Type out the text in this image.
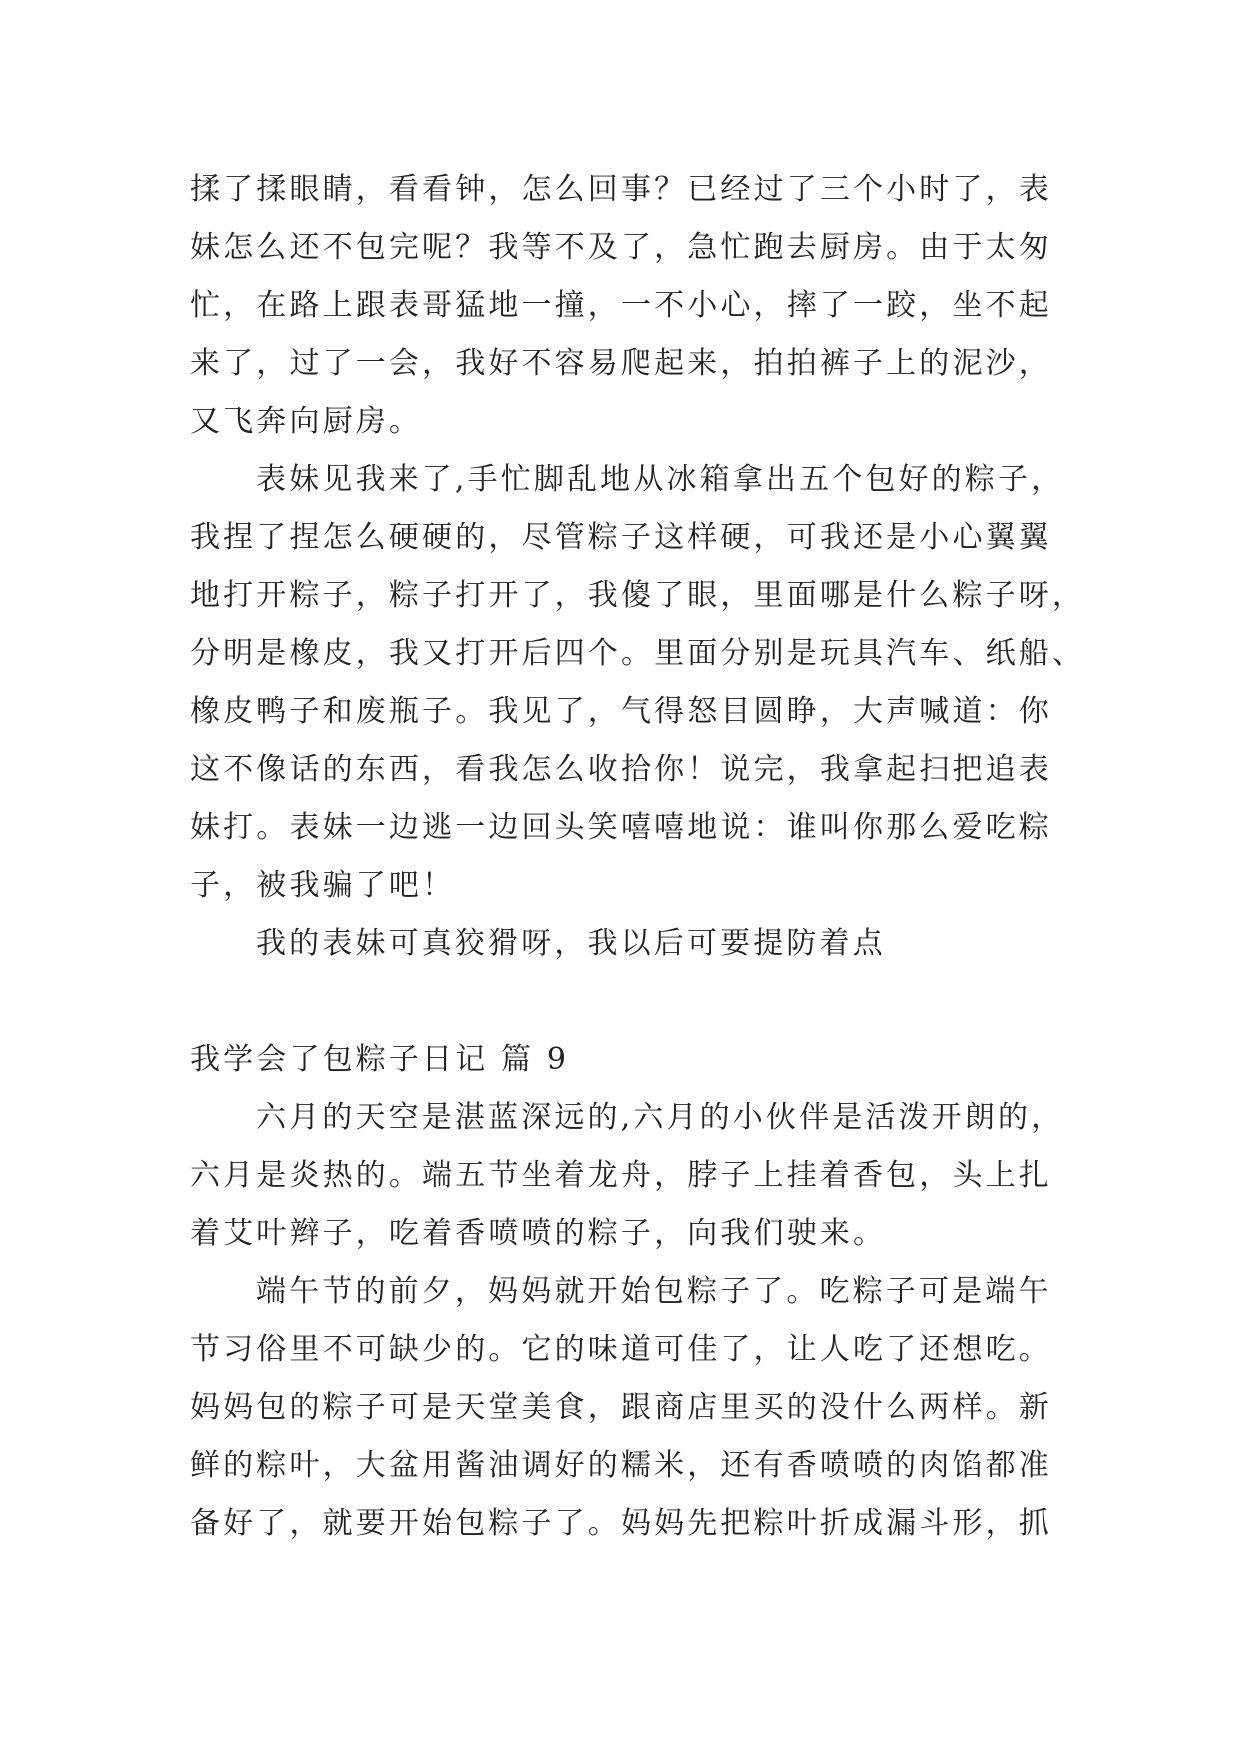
揉了揉眼睛，看看钟，怎么回事？已经过了三个小时了，表
妹怎么还不包完呢？我等不及了，急忙跑去厨房。由于太匆
忙，在路上跟表哥猛地一撞，一不小心，摔了一跤，坐不起
来了，过了一会，我好不容易爬起来，拍拍裤子上的泥沙，
又飞奔向厨房。
表妹见我来了,手忙脚乱地从冰箱拿出五个包好的粽子，
我捏了捏怎么硬硬的，尽管粽子这样硬，可我还是小心翼翼
地打开粽子，粽子打开了，我傻了眼，里面哪是什么粽子呀，
分明是橡皮，我又打开后四个。里面分别是玩具汽车、纸船、
橡皮鸭子和废瓶子。我见了，气得怒目圆睁，大声喊道：你
这不像话的东西，看我怎么收拾你！说完，我拿起扫把追表
妹打。表妹一边逃一边回头笑嘻嘻地说：谁叫你那么爱吃粽
子，被我骗了吧！
我的表妹可真狡猾呀，我以后可要提防着点
我学会了包粽子日记 篇 9
六月的天空是湛蓝深远的,六月的小伙伴是活泼开朗的，
六月是炎热的。端五节坐着龙舟，脖子上挂着香包，头上扎
着艾叶辫子，吃着香喷喷的粽子，向我们驶来。
端午节的前夕，妈妈就开始包粽子了。吃粽子可是端午
节习俗里不可缺少的。它的味道可佳了，让人吃了还想吃。
妈妈包的粽子可是天堂美食，跟商店里买的没什么两样。新
鲜的粽叶，大盆用酱油调好的糯米，还有香喷喷的肉馅都准
备好了，就要开始包粽子了。妈妈先把粽叶折成漏斗形，抓
